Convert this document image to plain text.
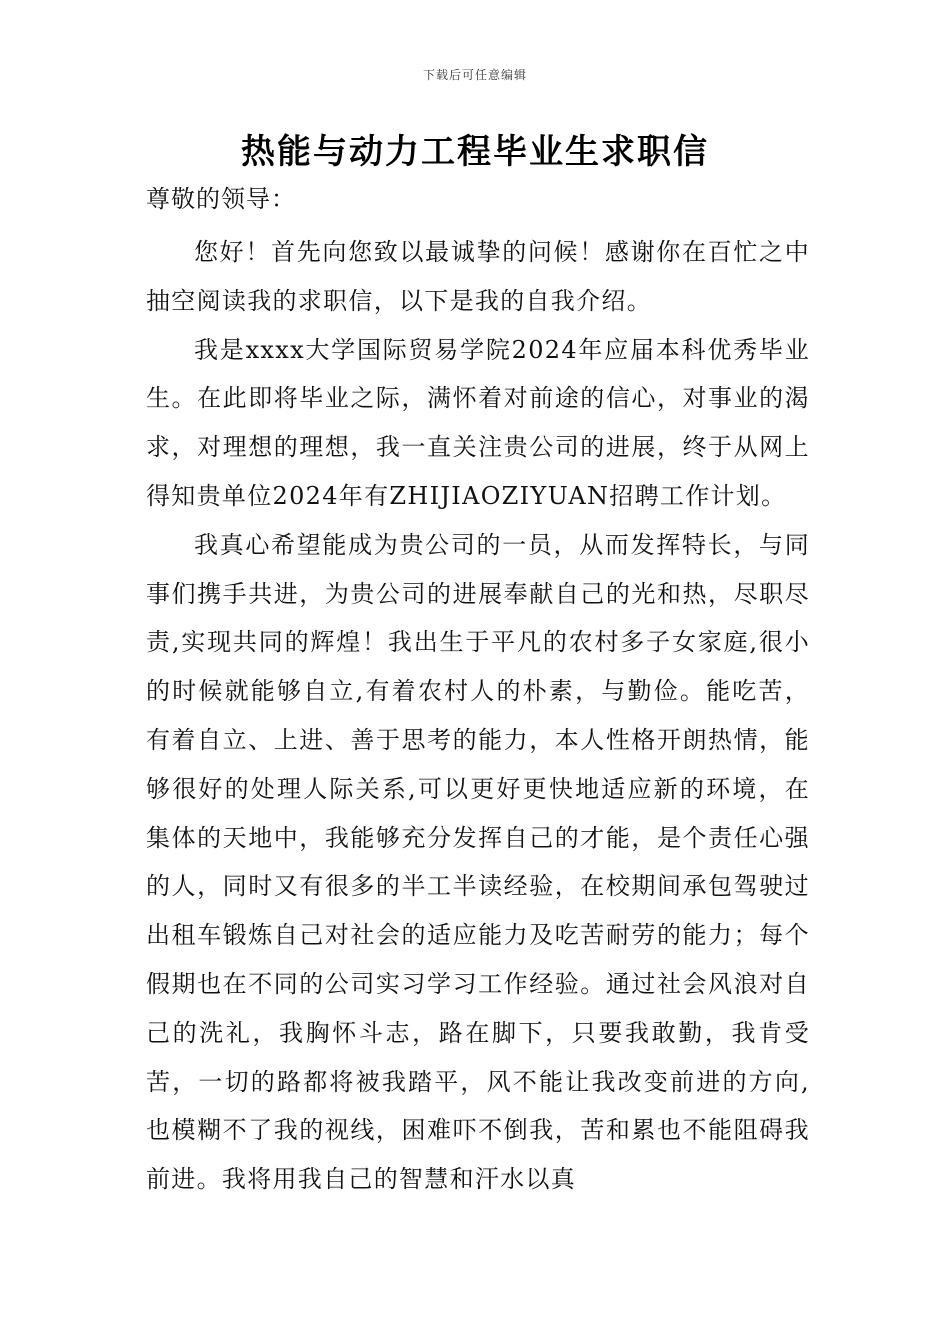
下载后可任意编辑
热能与动力工程毕业生求职信
尊敬的领导：

您好！首先向您致以最诚挚的问候！感谢你在百忙之中抽空阅读我的求职信，以下是我的自我介绍。

我是xxxx大学国际贸易学院2024年应届本科优秀毕业生。在此即将毕业之际，满怀着对前途的信心，对事业的渴求，对理想的理想，我一直关注贵公司的进展，终于从网上得知贵单位2024年有ZHIJIAOZIYUAN招聘工作计划。

我真心希望能成为贵公司的一员，从而发挥特长，与同事们携手共进，为贵公司的进展奉献自己的光和热，尽职尽责,实现共同的辉煌！我出生于平凡的农村多子女家庭,很小的时候就能够自立,有着农村人的朴素，与勤俭。能吃苦，有着自立、上进、善于思考的能力，本人性格开朗热情，能够很好的处理人际关系,可以更好更快地适应新的环境，在集体的天地中，我能够充分发挥自己的才能，是个责任心强的人，同时又有很多的半工半读经验，在校期间承包驾驶过出租车锻炼自己对社会的适应能力及吃苦耐劳的能力；每个假期也在不同的公司实习学习工作经验。通过社会风浪对自己的洗礼，我胸怀斗志，路在脚下，只要我敢勤，我肯受苦，一切的路都将被我踏平，风不能让我改变前进的方向,也模糊不了我的视线，困难吓不倒我，苦和累也不能阻碍我前进。我将用我自己的智慧和汗水以真
